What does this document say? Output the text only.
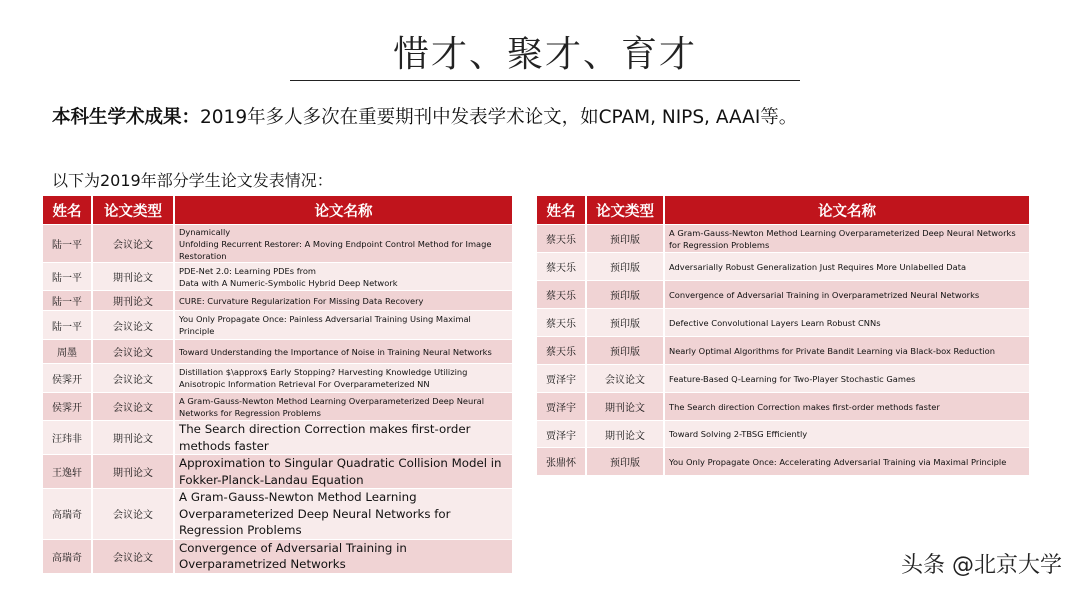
惜才、聚才、育才
本科生学术成果：2019年多人多次在重要期刊中发表学术论文，如CPAM, NIPS, AAAI等。
以下为2019年部分学生论文发表情况：
姓名	论文类型	论文名称
陆一平	会议论文	Dynamically
Unfolding Recurrent Restorer: A Moving Endpoint Control Method for Image Restoration
陆一平	期刊论文	PDE-Net 2.0: Learning PDEs from
Data with A Numeric-Symbolic Hybrid Deep Network
陆一平	期刊论文	CURE: Curvature Regularization For Missing Data Recovery
陆一平	会议论文	You Only Propagate Once: Painless Adversarial Training Using Maximal Principle
周墨	会议论文	Toward Understanding the Importance of Noise in Training Neural Networks
侯霁开	会议论文	Distillation $\approx$ Early Stopping? Harvesting Knowledge Utilizing Anisotropic Information Retrieval For Overparameterized NN
侯霁开	会议论文	A Gram-Gauss-Newton Method Learning Overparameterized Deep Neural Networks for Regression Problems
汪玮非	期刊论文	The Search direction Correction makes first-order methods faster
王逸轩	期刊论文	Approximation to Singular Quadratic Collision Model in Fokker-Planck-Landau Equation
高瑞奇	会议论文	A Gram-Gauss-Newton Method Learning Overparameterized Deep Neural Networks for Regression Problems
高瑞奇	会议论文	Convergence of Adversarial Training in Overparametrized Networks
姓名	论文类型	论文名称
蔡天乐	预印版	A Gram-Gauss-Newton Method Learning Overparameterized Deep Neural Networks for Regression Problems
蔡天乐	预印版	Adversarially Robust Generalization Just Requires More Unlabelled Data
蔡天乐	预印版	Convergence of Adversarial Training in Overparametrized Neural Networks
蔡天乐	预印版	Defective Convolutional Layers Learn Robust CNNs
蔡天乐	预印版	Nearly Optimal Algorithms for Private Bandit Learning via Black-box Reduction
贾泽宇	会议论文	Feature-Based Q-Learning for Two-Player Stochastic Games
贾泽宇	期刊论文	The Search direction Correction makes first-order methods faster
贾泽宇	期刊论文	Toward Solving 2-TBSG Efficiently
张鼎怀	预印版	You Only Propagate Once: Accelerating Adversarial Training via Maximal Principle
头条 @北京大学
